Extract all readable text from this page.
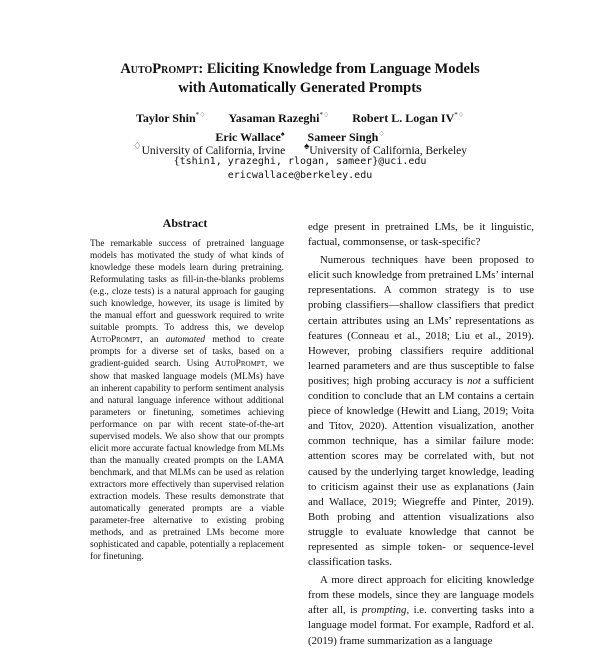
AutoPrompt: Eliciting Knowledge from Language Models
with Automatically Generated Prompts
Taylor Shin*♢ Yasaman Razeghi*♢ Robert L. Logan IV*♢
Eric Wallace♠ Sameer Singh♢
♢University of California, Irvine ♠University of California, Berkeley
{tshin1, yrazeghi, rlogan, sameer}@uci.edu
ericwallace@berkeley.edu
Abstract
The remarkable success of pretrained language models has motivated the study of what kinds of knowledge these models learn during pretraining. Reformulating tasks as fill-in-the-blanks problems (e.g., cloze tests) is a natural approach for gauging such knowledge, however, its usage is limited by the manual effort and guesswork required to write suitable prompts. To address this, we develop AutoPrompt, an automated method to create prompts for a diverse set of tasks, based on a gradient-guided search. Using AutoPrompt, we show that masked language models (MLMs) have an inherent capability to perform sentiment analysis and natural language inference without additional parameters or finetuning, sometimes achieving performance on par with recent state-of-the-art supervised models. We also show that our prompts elicit more accurate factual knowledge from MLMs than the manually created prompts on the LAMA benchmark, and that MLMs can be used as relation extractors more effectively than supervised relation extraction models. These results demonstrate that automatically generated prompts are a viable parameter-free alternative to existing probing methods, and as pretrained LMs become more sophisticated and capable, potentially a replacement for finetuning.

edge present in pretrained LMs, be it linguistic, factual, commonsense, or task-specific?

Numerous techniques have been proposed to elicit such knowledge from pretrained LMs’ internal representations. A common strategy is to use probing classifiers—shallow classifiers that predict certain attributes using an LMs’ representations as features (Conneau et al., 2018; Liu et al., 2019). However, probing classifiers require additional learned parameters and are thus susceptible to false positives; high probing accuracy is not a sufficient condition to conclude that an LM contains a certain piece of knowledge (Hewitt and Liang, 2019; Voita and Titov, 2020). Attention visualization, another common technique, has a similar failure mode: attention scores may be correlated with, but not caused by the underlying target knowledge, leading to criticism against their use as explanations (Jain and Wallace, 2019; Wiegreffe and Pinter, 2019). Both probing and attention visualizations also struggle to evaluate knowledge that cannot be represented as simple token- or sequence-level classification tasks.

A more direct approach for eliciting knowledge from these models, since they are language models after all, is prompting, i.e. converting tasks into a language model format. For example, Radford et al. (2019) frame summarization as a language
